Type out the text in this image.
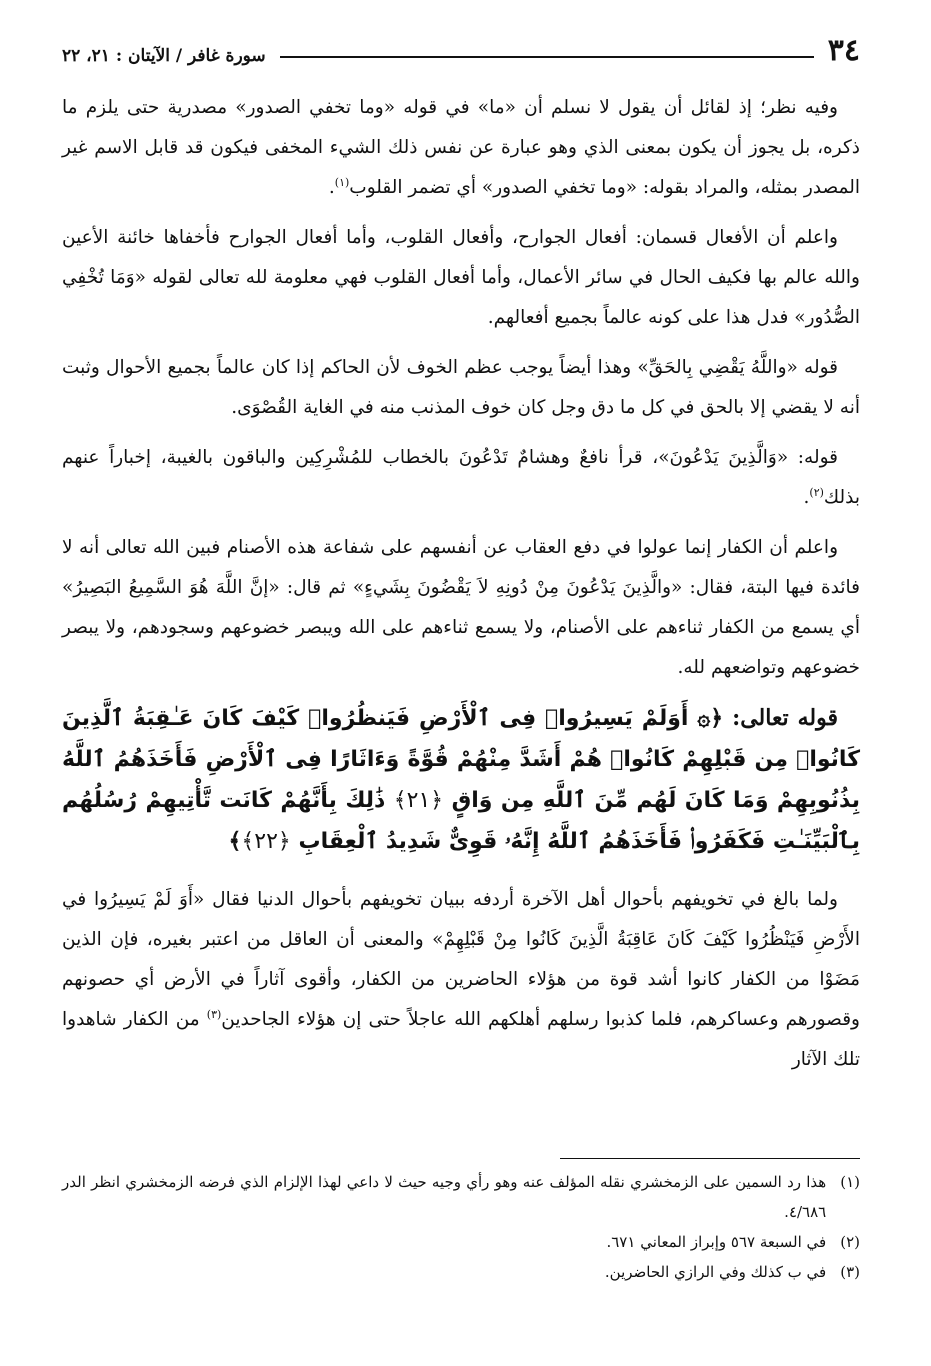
٣٤
سورة غافر / الآيتان : ٢١، ٢٢

وفيه نظر؛ إذ لقائل أن يقول لا نسلم أن «ما» في قوله «وما تخفي الصدور» مصدرية حتى يلزم ما ذكره، بل يجوز أن يكون بمعنى الذي وهو عبارة عن نفس ذلك الشيء المخفى فيكون قد قابل الاسم غير المصدر بمثله، والمراد بقوله: «وما تخفي الصدور» أي تضمر القلوب$^{(١)}$.

واعلم أن الأفعال قسمان: أفعال الجوارح، وأفعال القلوب، وأما أفعال الجوارح فأخفاها خائنة الأعين والله عالم بها فكيف الحال في سائر الأعمال، وأما أفعال القلوب فهي معلومة لله تعالى لقوله «وَمَا تُخْفِي الصُّدُور» فدل هذا على كونه عالماً بجميع أفعالهم.

قوله «واللَّهُ يَقْضِي بِالحَقِّ» وهذا أيضاً يوجب عظم الخوف لأن الحاكم إذا كان عالماً بجميع الأحوال وثبت أنه لا يقضي إلا بالحق في كل ما دق وجل كان خوف المذنب منه في الغاية القُصْوَى.

قوله: «وَالَّذِينَ يَدْعُونَ»، قرأ نافعٌ وهشامٌ تَدْعُونَ بالخطاب للمُشْرِكِين والباقون بالغيبة، إخباراً عنهم بذلك$^{(٢)}$.

واعلم أن الكفار إنما عولوا في دفع العقاب عن أنفسهم على شفاعة هذه الأصنام فبين الله تعالى أنه لا فائدة فيها البتة، فقال: «والَّذِينَ يَدْعُونَ مِنْ دُونِهِ لاَ يَقْضُونَ بِشَيءٍ» ثم قال: «إنَّ اللَّهَ هُوَ السَّمِيعُ البَصِيرُ» أي يسمع من الكفار ثناءهم على الأصنام، ولا يسمع ثناءهم على الله ويبصر خضوعهم وسجودهم، ولا يبصر خضوعهم وتواضعهم لله.

قوله تعالى: ﴿۞ أَوَلَمْ يَسِيرُوا۟ فِى ٱلْأَرْضِ فَيَنظُرُوا۟ كَيْفَ كَانَ عَـٰقِبَةُ ٱلَّذِينَ كَانُوا۟ مِن قَبْلِهِمْ كَانُوا۟ هُمْ أَشَدَّ مِنْهُمْ قُوَّةً وَءَاثَارًا فِى ٱلْأَرْضِ فَأَخَذَهُمُ ٱللَّهُ بِذُنُوبِهِمْ وَمَا كَانَ لَهُم مِّنَ ٱللَّهِ مِن وَاقٍ ﴿٢١﴾ ذَٰلِكَ بِأَنَّهُمْ كَانَت تَّأْتِيهِمْ رُسُلُهُم بِٱلْبَيِّنَـٰتِ فَكَفَرُوا۟ فَأَخَذَهُمُ ٱللَّهُ إِنَّهُۥ قَوِىٌّ شَدِيدُ ٱلْعِقَابِ ﴿٢٢﴾﴾

ولما بالغ في تخويفهم بأحوال أهل الآخرة أردفه ببيان تخويفهم بأحوال الدنيا فقال «أَوَ لَمْ يَسِيرُوا في الأَرْضِ فَيَنْظُرُوا كَيْفَ كَانَ عَاقِبَةُ الَّذِينَ كَانُوا مِنْ قَبْلِهِمْ» والمعنى أن العاقل من اعتبر بغيره، فإن الذين مَضَوْا من الكفار كانوا أشد قوة من هؤلاء الحاضرين من الكفار، وأقوى آثاراً في الأرض أي حصونهم وقصورهم وعساكرهم، فلما كذبوا رسلهم أهلكهم الله عاجلاً حتى إن هؤلاء الجاحدين$^{(٣)}$ من الكفار شاهدوا تلك الآثار

(١)
هذا رد السمين على الزمخشري نقله المؤلف عنه وهو رأي وجيه حيث لا داعي لهذا الإلزام الذي فرضه الزمخشري انظر الدر ٤/٦٨٦.
(٢)
في السبعة ٥٦٧ وإبراز المعاني ٦٧١.
(٣)
في ب كذلك وفي الرازي الحاضرين.
